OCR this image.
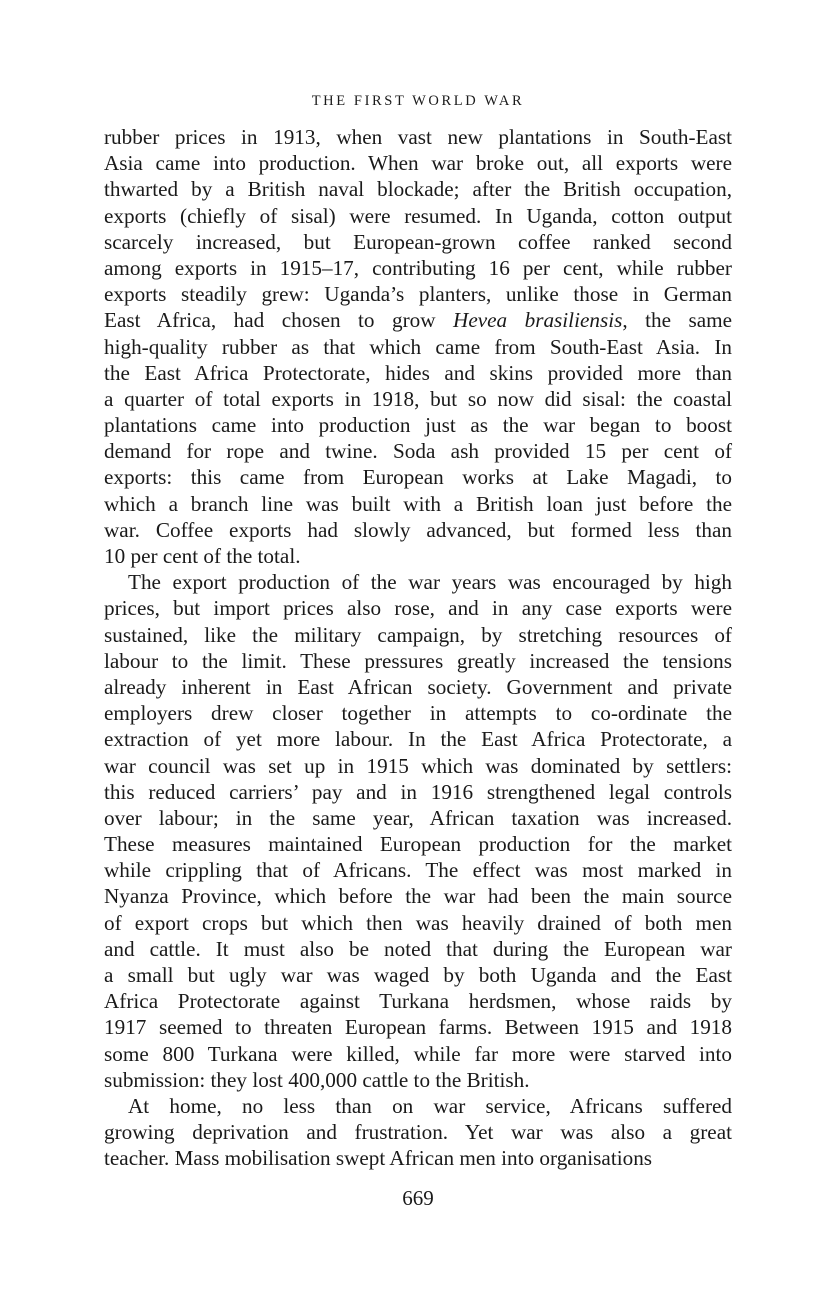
THE FIRST WORLD WAR
rubber prices in 1913, when vast new plantations in South-East
Asia came into production. When war broke out, all exports were
thwarted by a British naval blockade; after the British occupation,
exports (chiefly of sisal) were resumed. In Uganda, cotton output
scarcely increased, but European-grown coffee ranked second
among exports in 1915–17, contributing 16 per cent, while rubber
exports steadily grew: Uganda’s planters, unlike those in German
East Africa, had chosen to grow Hevea brasiliensis, the same
high-quality rubber as that which came from South-East Asia. In
the East Africa Protectorate, hides and skins provided more than
a quarter of total exports in 1918, but so now did sisal: the coastal
plantations came into production just as the war began to boost
demand for rope and twine. Soda ash provided 15 per cent of
exports: this came from European works at Lake Magadi, to
which a branch line was built with a British loan just before the
war. Coffee exports had slowly advanced, but formed less than
10 per cent of the total.
The export production of the war years was encouraged by high
prices, but import prices also rose, and in any case exports were
sustained, like the military campaign, by stretching resources of
labour to the limit. These pressures greatly increased the tensions
already inherent in East African society. Government and private
employers drew closer together in attempts to co-ordinate the
extraction of yet more labour. In the East Africa Protectorate, a
war council was set up in 1915 which was dominated by settlers:
this reduced carriers’ pay and in 1916 strengthened legal controls
over labour; in the same year, African taxation was increased.
These measures maintained European production for the market
while crippling that of Africans. The effect was most marked in
Nyanza Province, which before the war had been the main source
of export crops but which then was heavily drained of both men
and cattle. It must also be noted that during the European war
a small but ugly war was waged by both Uganda and the East
Africa Protectorate against Turkana herdsmen, whose raids by
1917 seemed to threaten European farms. Between 1915 and 1918
some 800 Turkana were killed, while far more were starved into
submission: they lost 400,000 cattle to the British.
At home, no less than on war service, Africans suffered
growing deprivation and frustration. Yet war was also a great
teacher. Mass mobilisation swept African men into organisations
669
